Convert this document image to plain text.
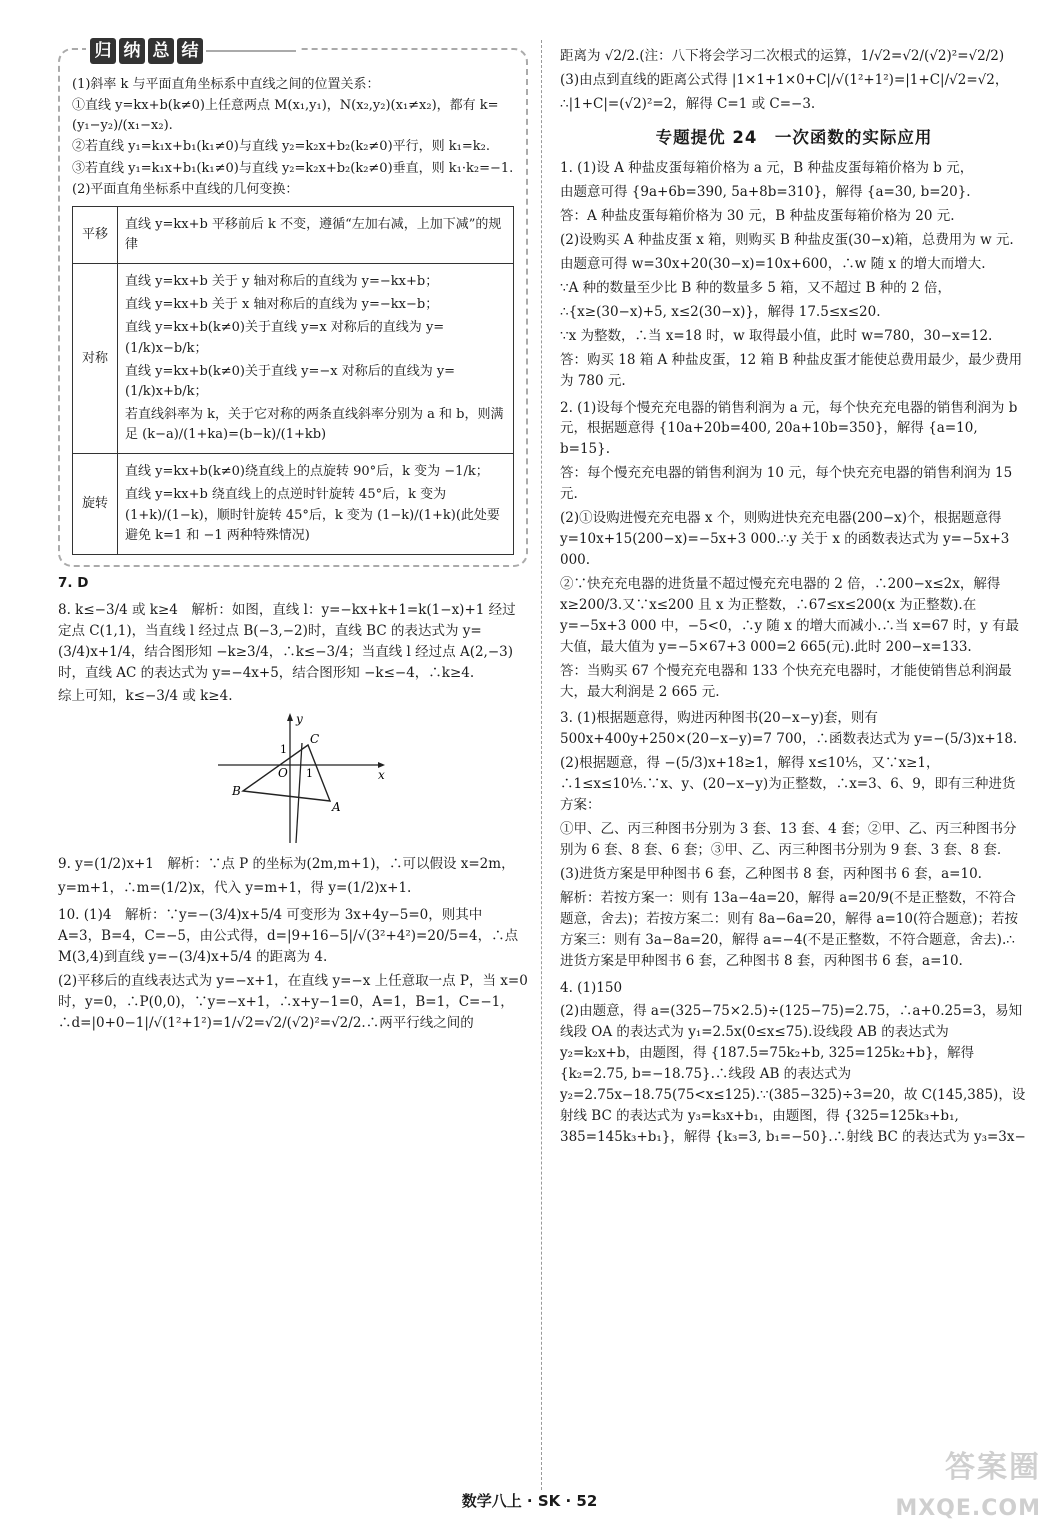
归 纳 总 结

(1)斜率 k 与平面直角坐标系中直线之间的位置关系：

①直线 y=kx+b(k≠0)上任意两点 M(x₁,y₁)，N(x₂,y₂)(x₁≠x₂)，都有 k=(y₁−y₂)/(x₁−x₂).

②若直线 y₁=k₁x+b₁(k₁≠0)与直线 y₂=k₂x+b₂(k₂≠0)平行，则 k₁=k₂.

③若直线 y₁=k₁x+b₁(k₁≠0)与直线 y₂=k₂x+b₂(k₂≠0)垂直，则 k₁·k₂=−1.

(2)平面直角坐标系中直线的几何变换：

平移	直线 y=kx+b 平移前后 k 不变，遵循“左加右减，上加下减”的规律

对称	直线 y=kx+b 关于 y 轴对称后的直线为 y=−kx+b；

直线 y=kx+b 关于 x 轴对称后的直线为 y=−kx−b；

直线 y=kx+b(k≠0)关于直线 y=x 对称后的直线为 y=(1/k)x−b/k；

直线 y=kx+b(k≠0)关于直线 y=−x 对称后的直线为 y=(1/k)x+b/k；

若直线斜率为 k，关于它对称的两条直线斜率分别为 a 和 b，则满足 (k−a)/(1+ka)=(b−k)/(1+kb)

旋转	直线 y=kx+b(k≠0)绕直线上的点旋转 90°后，k 变为 −1/k；

直线 y=kx+b 绕直线上的点逆时针旋转 45°后，k 变为 (1+k)/(1−k)，顺时针旋转 45°后，k 变为 (1−k)/(1+k)(此处要避免 k=1 和 −1 两种特殊情况)

7. D

8. k≤−3/4 或 k≥4　解析：如图，直线 l：y=−kx+k+1=k(1−x)+1 经过定点 C(1,1)，当直线 l 经过点 B(−3,−2)时，直线 BC 的表达式为 y=(3/4)x+1/4，结合图形知 −k≥3/4，∴k≤−3/4；当直线 l 经过点 A(2,−3)时，直线 AC 的表达式为 y=−4x+5，结合图形知 −k≤−4，∴k≥4.

综上可知，k≤−3/4 或 k≥4.

x
y
O 1
1
C
B
A

9. y=(1/2)x+1　解析：∵点 P 的坐标为(2m,m+1)，∴可以假设 x=2m，

y=m+1，∴m=(1/2)x，代入 y=m+1，得 y=(1/2)x+1.

10. (1)4　解析：∵y=−(3/4)x+5/4 可变形为 3x+4y−5=0，则其中 A=3，B=4，C=−5，由公式得，d=|9+16−5|/√(3²+4²)=20/5=4，∴点 M(3,4)到直线 y=−(3/4)x+5/4 的距离为 4.

(2)平移后的直线表达式为 y=−x+1，在直线 y=−x 上任意取一点 P，当 x=0 时，y=0，∴P(0,0)，∵y=−x+1，∴x+y−1=0，A=1，B=1，C=−1，∴d=|0+0−1|/√(1²+1²)=1/√2=√2/(√2)²=√2/2.∴两平行线之间的

距离为 √2/2.(注：八下将会学习二次根式的运算，1/√2=√2/(√2)²=√2/2)

(3)由点到直线的距离公式得 |1×1+1×0+C|/√(1²+1²)=|1+C|/√2=√2，

∴|1+C|=(√2)²=2，解得 C=1 或 C=−3.

专题提优 24　一次函数的实际应用

1. (1)设 A 种盐皮蛋每箱价格为 a 元，B 种盐皮蛋每箱价格为 b 元，

由题意可得 {9a+6b=390, 5a+8b=310}，解得 {a=30, b=20}.

答：A 种盐皮蛋每箱价格为 30 元，B 种盐皮蛋每箱价格为 20 元.

(2)设购买 A 种盐皮蛋 x 箱，则购买 B 种盐皮蛋(30−x)箱，总费用为 w 元.

由题意可得 w=30x+20(30−x)=10x+600，∴w 随 x 的增大而增大.

∵A 种的数量至少比 B 种的数量多 5 箱，又不超过 B 种的 2 倍，

∴{x≥(30−x)+5, x≤2(30−x)}，解得 17.5≤x≤20.

∵x 为整数，∴当 x=18 时，w 取得最小值，此时 w=780，30−x=12.

答：购买 18 箱 A 种盐皮蛋，12 箱 B 种盐皮蛋才能使总费用最少，最少费用为 780 元.

2. (1)设每个慢充充电器的销售利润为 a 元，每个快充充电器的销售利润为 b 元，根据题意得 {10a+20b=400, 20a+10b=350}，解得 {a=10, b=15}.

答：每个慢充充电器的销售利润为 10 元，每个快充充电器的销售利润为 15 元.

(2)①设购进慢充充电器 x 个，则购进快充充电器(200−x)个，根据题意得 y=10x+15(200−x)=−5x+3 000.∴y 关于 x 的函数表达式为 y=−5x+3 000.

②∵快充充电器的进货量不超过慢充充电器的 2 倍，∴200−x≤2x，解得 x≥200/3.又∵x≤200 且 x 为正整数，∴67≤x≤200(x 为正整数).在 y=−5x+3 000 中，−5<0，∴y 随 x 的增大而减小.∴当 x=67 时，y 有最大值，最大值为 y=−5×67+3 000=2 665(元).此时 200−x=133.

答：当购买 67 个慢充充电器和 133 个快充充电器时，才能使销售总利润最大，最大利润是 2 665 元.

3. (1)根据题意得，购进丙种图书(20−x−y)套，则有 500x+400y+250×(20−x−y)=7 700，∴函数表达式为 y=−(5/3)x+18.

(2)根据题意，得 −(5/3)x+18≥1，解得 x≤10⅕，又∵x≥1，∴1≤x≤10⅕.∵x、y、(20−x−y)为正整数，∴x=3、6、9，即有三种进货方案：

①甲、乙、丙三种图书分别为 3 套、13 套、4 套；②甲、乙、丙三种图书分别为 6 套、8 套、6 套；③甲、乙、丙三种图书分别为 9 套、3 套、8 套.

(3)进货方案是甲种图书 6 套，乙种图书 8 套，丙种图书 6 套，a=10.

解析：若按方案一：则有 13a−4a=20，解得 a=20/9(不是正整数，不符合题意，舍去)；若按方案二：则有 8a−6a=20，解得 a=10(符合题意)；若按方案三：则有 3a−8a=20，解得 a=−4(不是正整数，不符合题意，舍去).∴进货方案是甲种图书 6 套，乙种图书 8 套，丙种图书 6 套，a=10.

4. (1)150

(2)由题意，得 a=(325−75×2.5)÷(125−75)=2.75，∴a+0.25=3，易知线段 OA 的表达式为 y₁=2.5x(0≤x≤75).设线段 AB 的表达式为 y₂=k₂x+b，由题图，得 {187.5=75k₂+b, 325=125k₂+b}，解得 {k₂=2.75, b=−18.75}.∴线段 AB 的表达式为 y₂=2.75x−18.75(75<x≤125).∵(385−325)÷3=20，故 C(145,385)，设射线 BC 的表达式为 y₃=k₃x+b₁，由题图，得 {325=125k₃+b₁, 385=145k₃+b₁}，解得 {k₃=3, b₁=−50}.∴射线 BC 的表达式为 y₃=3x−

数学八上 · SK · 52
答案圈
MXQE.COM
